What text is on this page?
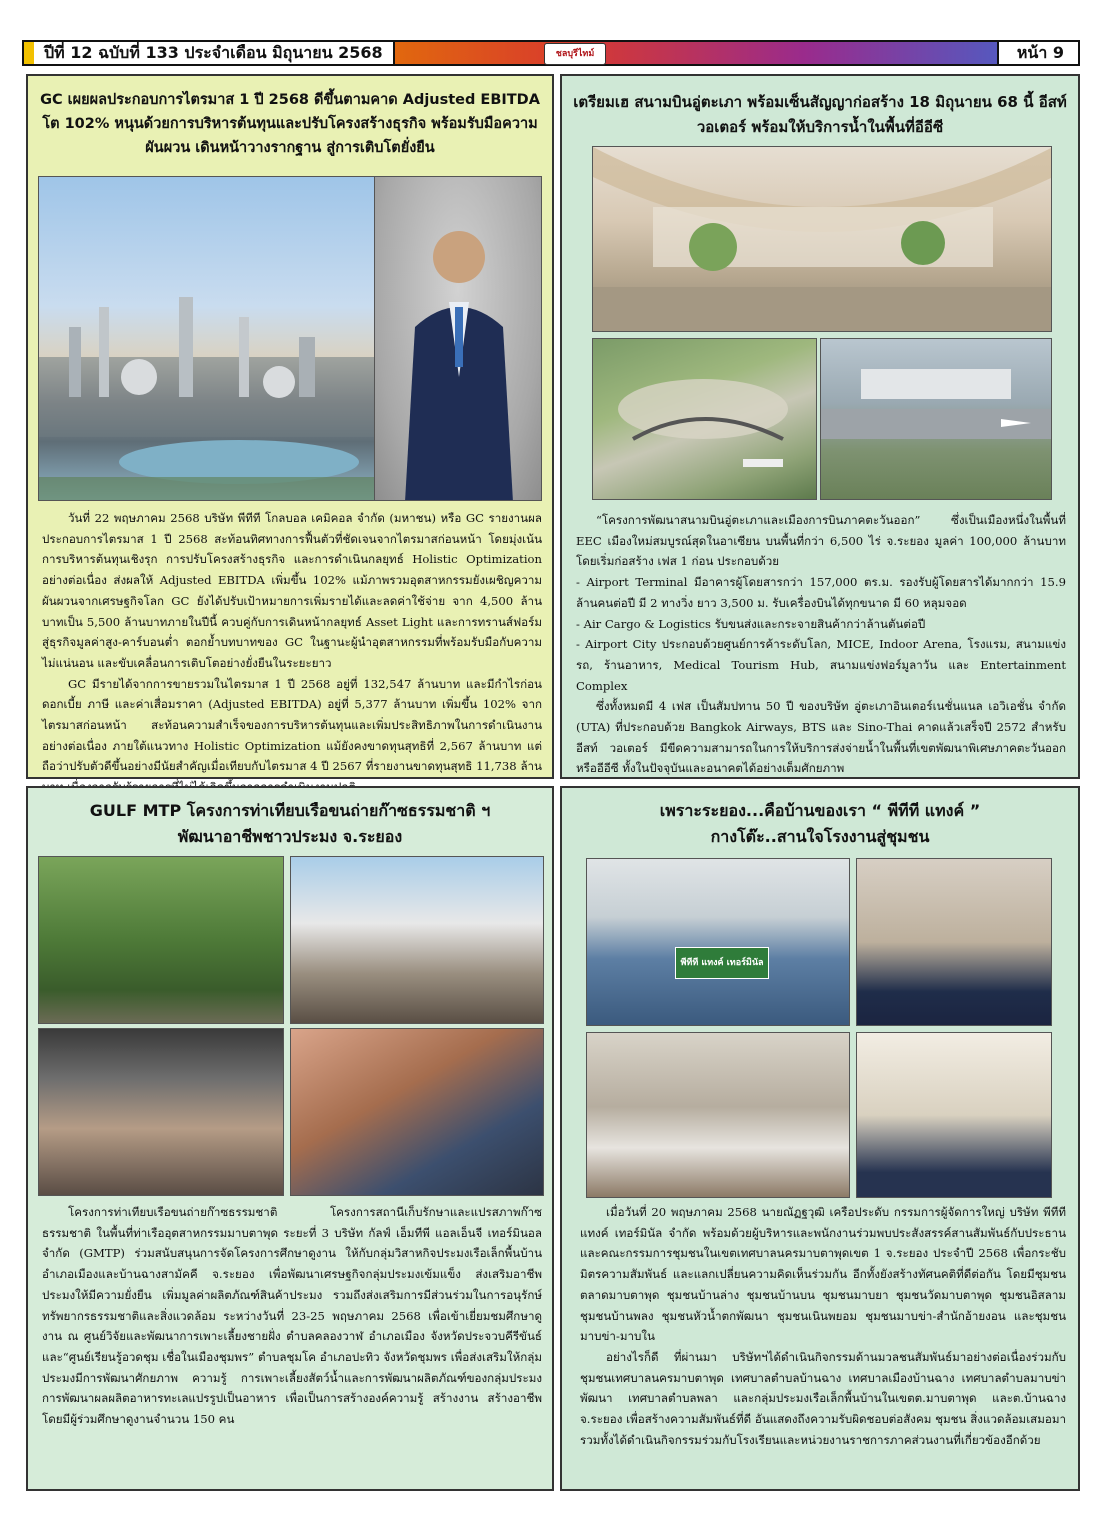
ปีที่ 12 ฉบับที่ 133 ประจำเดือน มิถุนายน 2568	ชลบุรีไทม์	หน้า 9
GC เผยผลประกอบการไตรมาส 1 ปี 2568 ดีขึ้นตามคาด Adjusted EBITDA โต 102% หนุนด้วยการบริหารต้นทุนและปรับโครงสร้างธุรกิจ พร้อมรับมือความผันผวน เดินหน้าวางรากฐาน สู่การเติบโตยั่งยืน

วันที่ 22 พฤษภาคม 2568 บริษัท พีทีที โกลบอล เคมิคอล จำกัด (มหาชน) หรือ GC รายงานผลประกอบการไตรมาส 1 ปี 2568 สะท้อนทิศทางการฟื้นตัวที่ชัดเจนจากไตรมาสก่อนหน้า โดยมุ่งเน้นการบริหารต้นทุนเชิงรุก การปรับโครงสร้างธุรกิจ และการดำเนินกลยุทธ์ Holistic Optimization อย่างต่อเนื่อง ส่งผลให้ Adjusted EBITDA เพิ่มขึ้น 102% แม้ภาพรวมอุตสาหกรรมยังเผชิญความผันผวนจากเศรษฐกิจโลก GC ยังได้ปรับเป้าหมายการเพิ่มรายได้และลดค่าใช้จ่าย จาก 4,500 ล้านบาทเป็น 5,500 ล้านบาทภายในปีนี้ ควบคู่กับการเดินหน้ากลยุทธ์ Asset Light และการทรานส์ฟอร์มสู่ธุรกิจมูลค่าสูง-คาร์บอนต่ำ ตอกย้ำบทบาทของ GC ในฐานะผู้นำอุตสาหกรรมที่พร้อมรับมือกับความไม่แน่นอน และขับเคลื่อนการเติบโตอย่างยั่งยืนในระยะยาว

GC มีรายได้จากการขายรวมในไตรมาส 1 ปี 2568 อยู่ที่ 132,547 ล้านบาท และมีกำไรก่อนดอกเบี้ย ภาษี และค่าเสื่อมราคา (Adjusted EBITDA) อยู่ที่ 5,377 ล้านบาท เพิ่มขึ้น 102% จากไตรมาสก่อนหน้า สะท้อนความสำเร็จของการบริหารต้นทุนและเพิ่มประสิทธิภาพในการดำเนินงานอย่างต่อเนื่อง ภายใต้แนวทาง Holistic Optimization แม้ยังคงขาดทุนสุทธิที่ 2,567 ล้านบาท แต่ถือว่าปรับตัวดีขึ้นอย่างมีนัยสำคัญเมื่อเทียบกับไตรมาส 4 ปี 2567 ที่รายงานขาดทุนสุทธิ 11,738 ล้าน

เตรียมเฮ สนามบินอู่ตะเภา พร้อมเซ็นสัญญาก่อสร้าง 18 มิถุนายน 68 นี้ อีสท์ วอเตอร์ พร้อมให้บริการน้ำในพื้นที่อีอีซี

“โครงการพัฒนาสนามบินอู่ตะเภาและเมืองการบินภาคตะวันออก” ซึ่งเป็นเมืองหนึ่งในพื้นที่ EEC เมืองใหม่สมบูรณ์สุดในอาเซียน บนพื้นที่กว่า 6,500 ไร่ จ.ระยอง มูลค่า 100,000 ล้านบาท โดยเริ่มก่อสร้าง เฟส 1 ก่อน ประกอบด้วย

- Airport Terminal มีอาคารผู้โดยสารกว่า 157,000 ตร.ม. รองรับผู้โดยสารได้มากกว่า 15.9 ล้านคนต่อปี มี 2 ทางวิ่ง ยาว 3,500 ม. รับเครื่องบินได้ทุกขนาด มี 60 หลุมจอด

- Air Cargo & Logistics รับขนส่งและกระจายสินค้ากว่าล้านตันต่อปี

- Airport City ประกอบด้วยศูนย์การค้าระดับโลก, MICE, Indoor Arena, โรงแรม, สนามแข่งรถ, ร้านอาหาร, Medical Tourism Hub, สนามแข่งฟอร์มูลาวัน และ Entertainment Complex

ซึ่งทั้งหมดมี 4 เฟส เป็นสัมปทาน 50 ปี ของบริษัท อู่ตะเภาอินเตอร์เนชั่นแนล เอวิเอชั่น จำกัด (UTA) ที่ประกอบด้วย Bangkok Airways, BTS และ Sino-Thai คาดแล้วเสร็จปี 2572 สำหรับอีสท์ วอเตอร์ มีขีดความสามารถในการให้บริการส่งจ่ายน้ำในพื้นที่เขตพัฒนาพิเศษภาคตะวันออกหรืออีอีซี ทั้งในปัจจุบันและอนาคตได้อย่างเต็มศักยภาพ

GULF MTP โครงการท่าเทียบเรือขนถ่ายก๊าซธรรมชาติ ฯ พัฒนาอาชีพชาวประมง จ.ระยอง

โครงการท่าเทียบเรือขนถ่ายก๊าซธรรมชาติ โครงการสถานีเก็บรักษาและแปรสภาพก๊าซธรรมชาติ ในพื้นที่ท่าเรืออุตสาหกรรมมาบตาพุด ระยะที่ 3 บริษัท กัลฟ์ เอ็มทีพี แอลเอ็นจี เทอร์มินอล จำกัด (GMTP) ร่วมสนับสนุนการจัดโครงการศึกษาดูงาน ให้กับกลุ่มวิสาหกิจประมงเรือเล็กพื้นบ้านอำเภอเมืองและบ้านฉางสามัคคี จ.ระยอง เพื่อพัฒนาเศรษฐกิจกลุ่มประมงเข้มแข็ง ส่งเสริมอาชีพประมงให้มีความยั่งยืน เพิ่มมูลค่าผลิตภัณฑ์สินค้าประมง รวมถึงส่งเสริมการมีส่วนร่วมในการอนุรักษ์ทรัพยากรธรรมชาติและสิ่งแวดล้อม ระหว่างวันที่ 23-25 พฤษภาคม 2568 เพื่อเข้าเยี่ยมชมศึกษาดูงาน ณ ศูนย์วิจัยและพัฒนาการเพาะเลี้ยงชายฝั่ง ตำบลคลองวาฬ อำเภอเมือง จังหวัดประจวบคีรีขันธ์ และ“ศูนย์เรียนรู้อวดชุม เชื่อในเมืองชุมพร” ตำบลชุมโค อำเภอปะทิว จังหวัดชุมพร เพื่อส่งเสริมให้กลุ่มประมงมีการพัฒนาศักยภาพ ความรู้ การเพาะเลี้ยงสัตว์น้ำและการพัฒนาผลิตภัณฑ์ของกลุ่มประมง การพัฒนาผลผลิตอาหารทะเลแปรรูปเป็นอาหาร เพื่อเป็นการสร้างองค์ความรู้ สร้างงาน สร้างอาชีพ โดยมีผู้ร่วมศึกษาดูงานจำนวน 150 คน

เพราะระยอง...คือบ้านของเรา “ พีทีที แทงค์ ”
กางโต๊ะ..สานใจโรงงานสู่ชุมชน
พีทีที แทงค์ เทอร์มินัล

เมื่อวันที่ 20 พฤษภาคม 2568 นายณัฏฐวุฒิ เครือประดับ กรรมการผู้จัดการใหญ่ บริษัท พีทีที แทงค์ เทอร์มินัล จำกัด พร้อมด้วยผู้บริหารและพนักงานร่วมพบประสังสรรค์สานสัมพันธ์กับประธานและคณะกรรมการชุมชนในเขตเทศบาลนครมาบตาพุดเขต 1 จ.ระยอง ประจำปี 2568 เพื่อกระชับมิตรความสัมพันธ์ และแลกเปลี่ยนความคิดเห็นร่วมกัน อีกทั้งยังสร้างทัศนคติที่ดีต่อกัน โดยมีชุมชนตลาดมาบตาพุด ชุมชนบ้านล่าง ชุมชนบ้านบน ชุมชนมาบยา ชุมชนวัดมาบตาพุด ชุมชนอิสลาม ชุมชนบ้านพลง ชุมชนหัวน้ำตกพัฒนา ชุมชนเนินพยอม ชุมชนมาบข่า-สำนักอ้ายงอน และชุมชนมาบข่า-มาบใน

อย่างไรก็ดี ที่ผ่านมา บริษัทฯได้ดำเนินกิจกรรมด้านมวลชนสัมพันธ์มาอย่างต่อเนื่องร่วมกับชุมชนเทศบาลนครมาบตาพุด เทศบาลตำบลบ้านฉาง เทศบาลเมืองบ้านฉาง เทศบาลตำบลมาบข่าพัฒนา เทศบาลตำบลพลา และกลุ่มประมงเรือเล็กพื้นบ้านในเขตต.มาบตาพุด และต.บ้านฉาง จ.ระยอง เพื่อสร้างความสัมพันธ์ที่ดี อันแสดงถึงความรับผิดชอบต่อสังคม ชุมชน สิ่งแวดล้อมเสมอมา รวมทั้งได้ดำเนินกิจกรรมร่วมกับโรงเรียนและหน่วยงานราชการภาคส่วนงานที่เกี่ยวข้องอีกด้วย
